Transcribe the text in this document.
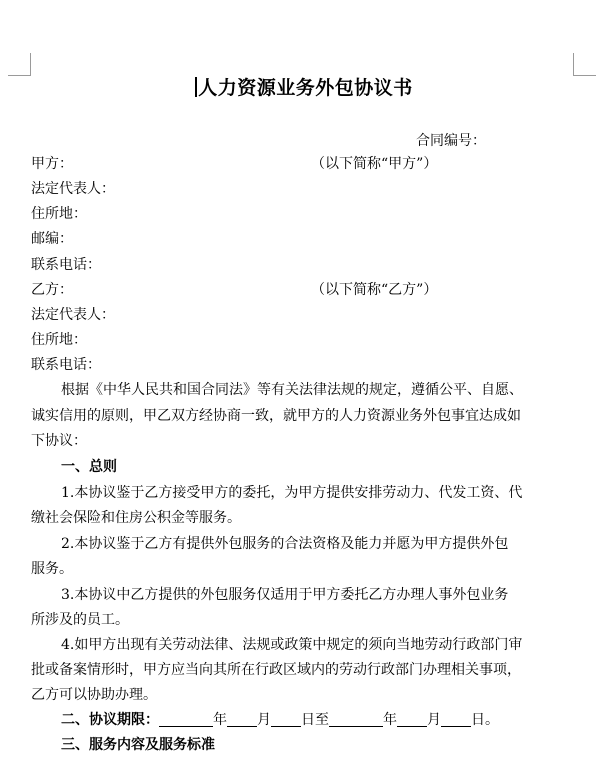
人力资源业务外包协议书
合同编号：
甲方：	（以下简称“甲方”）
法定代表人：
住所地：
邮编：
联系电话：
乙方：	（以下简称“乙方”）
法定代表人：
住所地：
联系电话：
根据《中华人民共和国合同法》等有关法律法规的规定，遵循公平、自愿、
诚实信用的原则，甲乙双方经协商一致，就甲方的人力资源业务外包事宜达成如
下协议：
一、总则
1.本协议鉴于乙方接受甲方的委托，为甲方提供安排劳动力、代发工资、代
缴社会保险和住房公积金等服务。
2.本协议鉴于乙方有提供外包服务的合法资格及能力并愿为甲方提供外包
服务。
3.本协议中乙方提供的外包服务仅适用于甲方委托乙方办理人事外包业务
所涉及的员工。
4.如甲方出现有关劳动法律、法规或政策中规定的须向当地劳动行政部门审
批或备案情形时，甲方应当向其所在行政区域内的劳动行政部门办理相关事项，
乙方可以协助办理。
二、协议期限：	年 月 日至	年 月 日。
三、服务内容及服务标准
